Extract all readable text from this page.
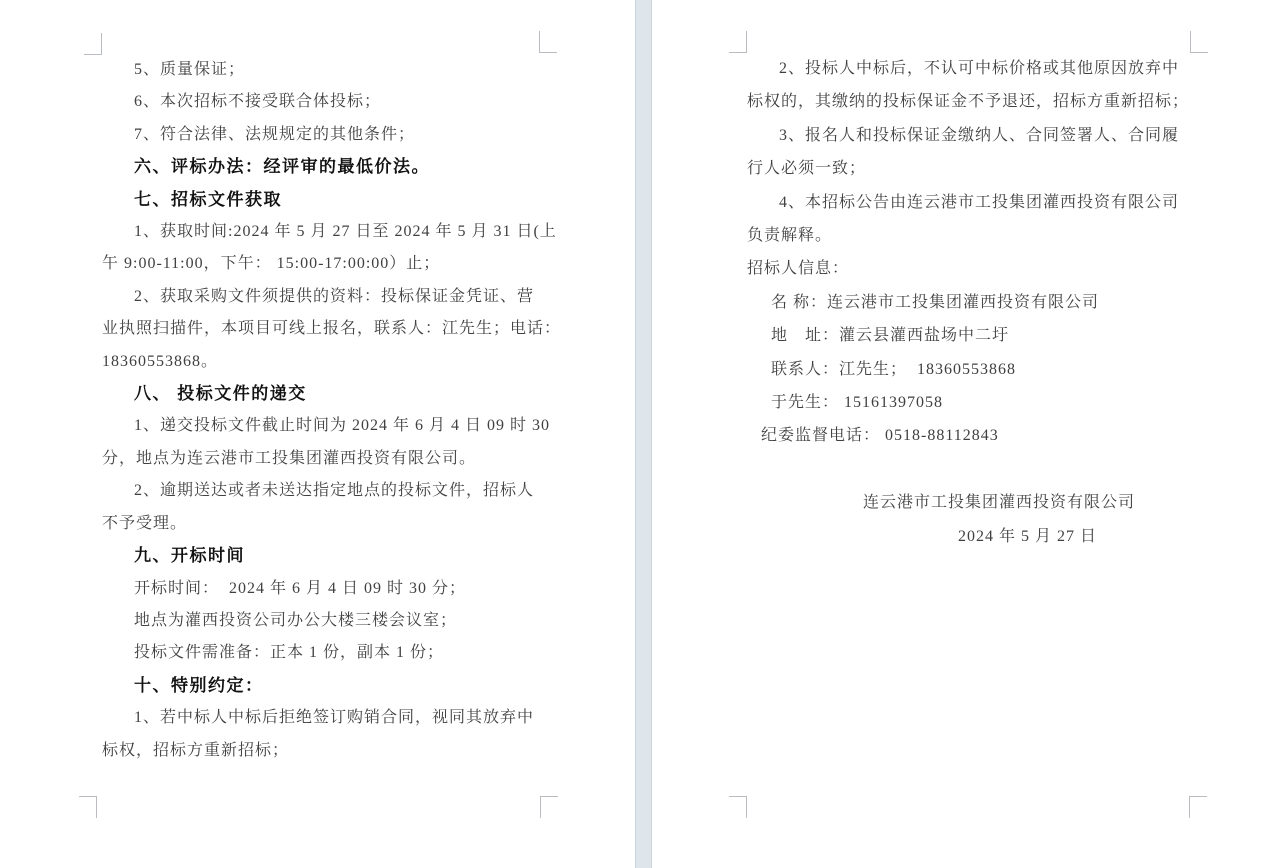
5、质量保证；

6、本次招标不接受联合体投标；

7、符合法律、法规规定的其他条件；

六、评标办法：经评审的最低价法。

七、招标文件获取

1、获取时间:2024 年 5 月 27 日至 2024 年 5 月 31 日(上

午 9:00-11:00，下午： 15:00-17:00:00）止；

2、获取采购文件须提供的资料：投标保证金凭证、营

业执照扫描件，本项目可线上报名，联系人：江先生；电话：

18360553868。

八、 投标文件的递交

1、递交投标文件截止时间为 2024 年 6 月 4 日 09 时 30

分，地点为连云港市工投集团灌西投资有限公司。

2、逾期送达或者未送达指定地点的投标文件，招标人

不予受理。

九、开标时间

开标时间：  2024 年 6 月 4 日 09 时 30 分；

地点为灌西投资公司办公大楼三楼会议室；

投标文件需准备：正本 1 份，副本 1 份；

十、特别约定：

1、若中标人中标后拒绝签订购销合同，视同其放弃中

标权，招标方重新招标；

2、投标人中标后，不认可中标价格或其他原因放弃中

标权的，其缴纳的投标保证金不予退还，招标方重新招标；

3、报名人和投标保证金缴纳人、合同签署人、合同履

行人必须一致；

4、本招标公告由连云港市工投集团灌西投资有限公司

负责解释。

招标人信息：

名 称：连云港市工投集团灌西投资有限公司

地　址：灌云县灌西盐场中二圩

联系人：江先生；  18360553868

于先生： 15161397058

纪委监督电话： 0518-88112843

连云港市工投集团灌西投资有限公司

2024 年 5 月 27 日
